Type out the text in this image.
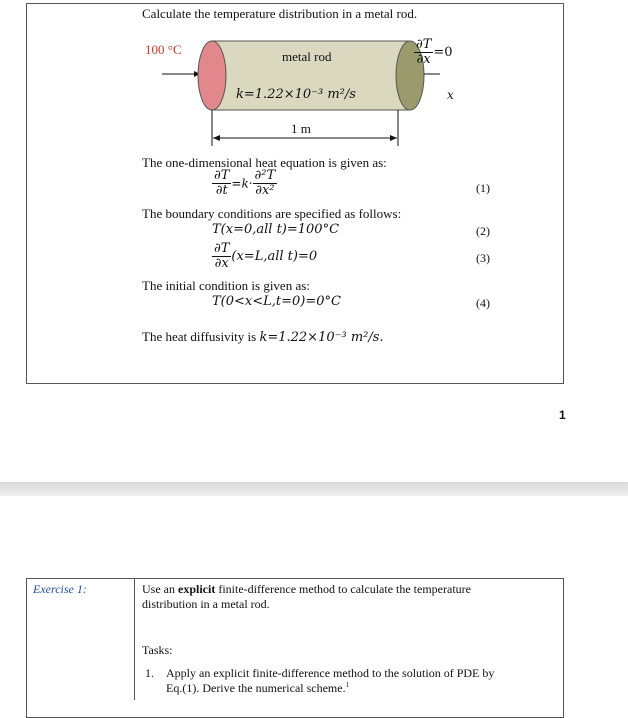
Calculate the temperature distribution in a metal rod.
100 °C	metal rod
k=1.22×10⁻³ m²/s
1 m
$\frac{\partial T}{\partial x} =0$
x
The one-dimensional heat equation is given as:
$\frac{\partial T}{\partial t} =k\cdot \frac{\text{∂²T}}{\text{∂x²}}$	(1)
The boundary conditions are specified as follows:
T(x=0,all t)=100°C	(2)
$\frac{\partial T}{\partial x} (x=L,all$ t)=0	(3)
The initial condition is given as:
T(0<x<L,t=0)=0°C	(4)
The heat diffusivity is k=1.22×10⁻³ m²/s.
1
Exercise 1:	Use an explicit finite-difference method to calculate the temperature
distribution in a metal rod.
Tasks:
1. Apply an explicit finite-difference method to the solution of PDE by
Eq.(1). Derive the numerical scheme.$^1$
